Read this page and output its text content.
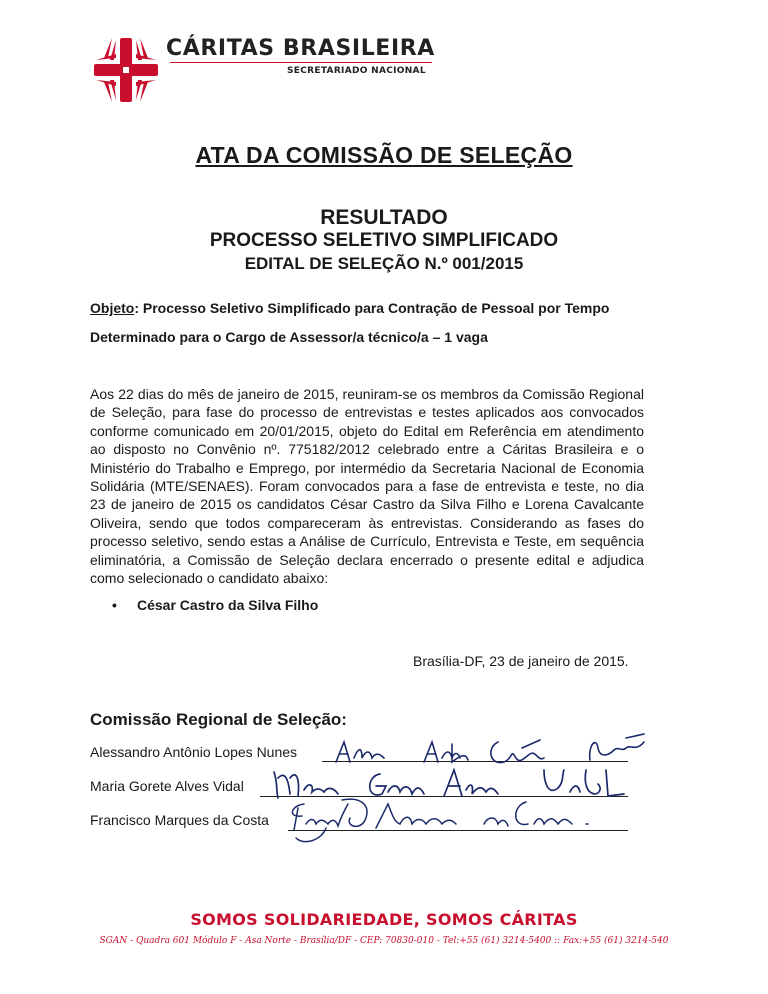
CÁRITAS BRASILEIRA
SECRETARIADO NACIONAL
ATA DA COMISSÃO DE SELEÇÃO
RESULTADO
PROCESSO SELETIVO SIMPLIFICADO
EDITAL DE SELEÇÃO N.º 001/2015
Objeto: Processo Seletivo Simplificado para Contração de Pessoal por Tempo Determinado para o Cargo de Assessor/a técnico/a – 1 vaga
Aos 22 dias do mês de janeiro de 2015, reuniram-se os membros da Comissão Regional de Seleção, para fase do processo de entrevistas e testes aplicados aos convocados conforme comunicado em 20/01/2015, objeto do Edital em Referência em atendimento ao disposto no Convênio nº. 775182/2012 celebrado entre a Cáritas Brasileira e o Ministério do Trabalho e Emprego, por intermédio da Secretaria Nacional de Economia Solidária (MTE/SENAES). Foram convocados para a fase de entrevista e teste, no dia 23 de janeiro de 2015 os candidatos César Castro da Silva Filho e Lorena Cavalcante Oliveira, sendo que todos compareceram às entrevistas. Considerando as fases do processo seletivo, sendo estas a Análise de Currículo, Entrevista e Teste, em sequência eliminatória, a Comissão de Seleção declara encerrado o presente edital e adjudica como selecionado o candidato abaixo:
• César Castro da Silva Filho
Brasília-DF, 23 de janeiro de 2015.
Comissão Regional de Seleção:
Alessandro Antônio Lopes Nunes
Maria Gorete Alves Vidal
Francisco Marques da Costa
SOMOS SOLIDARIEDADE, SOMOS CÁRITAS
SGAN - Quadra 601 Módulo F - Asa Norte - Brasília/DF - CEP: 70830-010 - Tel:+55 (61) 3214-5400 :: Fax:+55 (61) 3214-540
